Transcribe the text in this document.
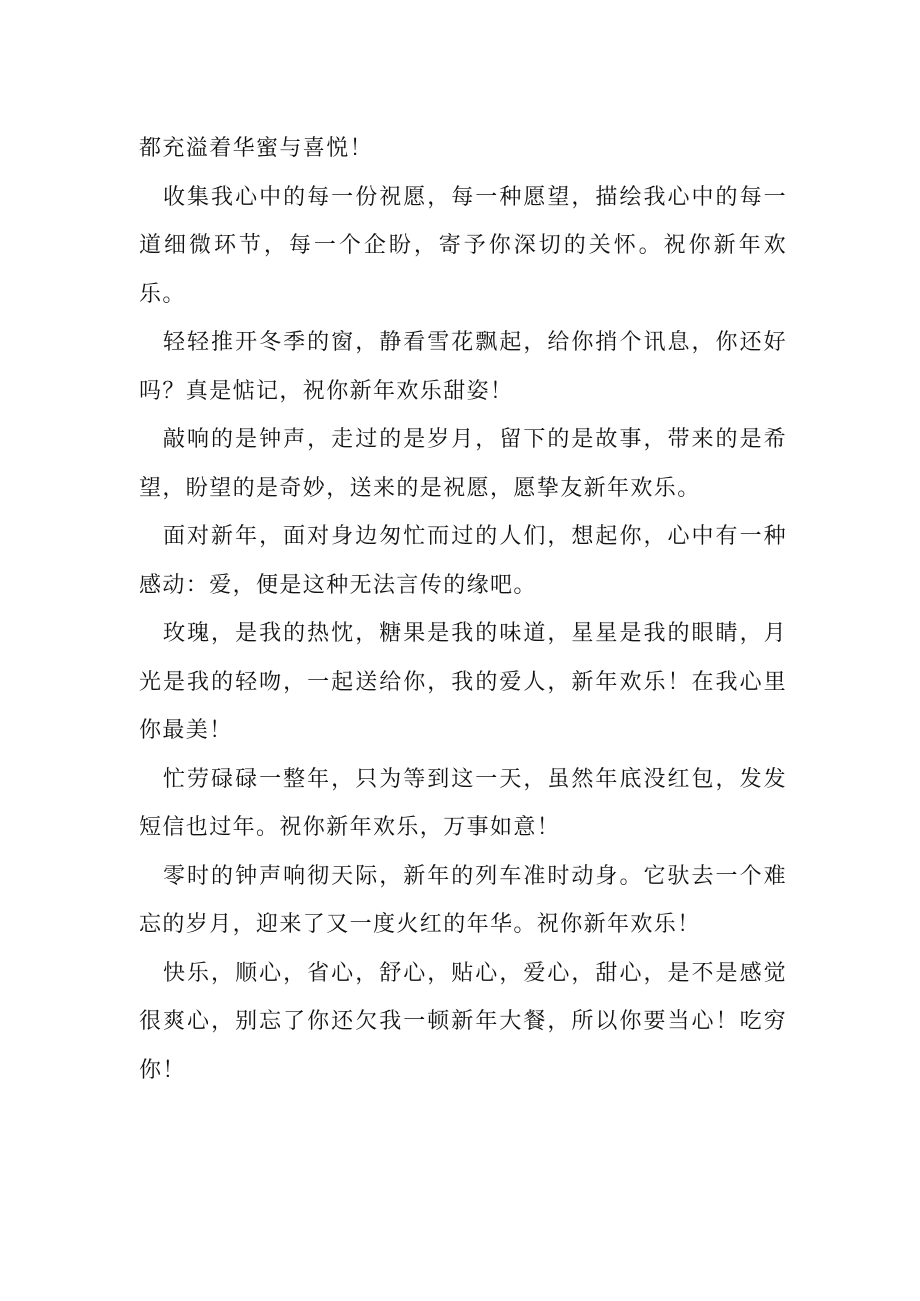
都充溢着华蜜与喜悦！

收集我心中的每一份祝愿，每一种愿望，描绘我心中的每一道细微环节，每一个企盼，寄予你深切的关怀。祝你新年欢乐。

轻轻推开冬季的窗，静看雪花飘起，给你捎个讯息，你还好吗？真是惦记，祝你新年欢乐甜姿！

敲响的是钟声，走过的是岁月，留下的是故事，带来的是希望，盼望的是奇妙，送来的是祝愿，愿挚友新年欢乐。

面对新年，面对身边匆忙而过的人们，想起你，心中有一种感动：爱，便是这种无法言传的缘吧。

玫瑰，是我的热忱，糖果是我的味道，星星是我的眼睛，月光是我的轻吻，一起送给你，我的爱人，新年欢乐！在我心里你最美！

忙劳碌碌一整年，只为等到这一天，虽然年底没红包，发发短信也过年。祝你新年欢乐，万事如意！

零时的钟声响彻天际，新年的列车准时动身。它驮去一个难忘的岁月，迎来了又一度火红的年华。祝你新年欢乐！

快乐，顺心，省心，舒心，贴心，爱心，甜心，是不是感觉很爽心，别忘了你还欠我一顿新年大餐，所以你要当心！吃穷你！
